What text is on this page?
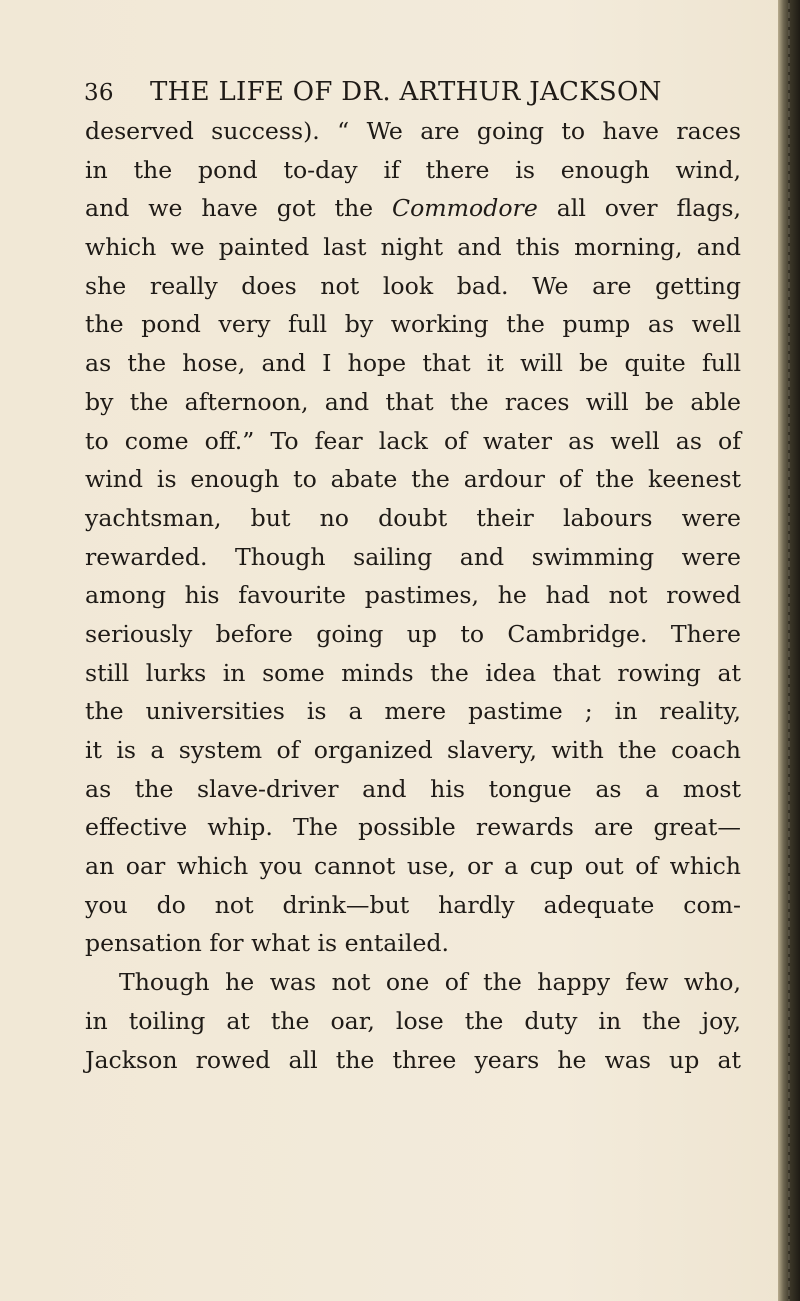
36 THE LIFE OF DR. ARTHUR JACKSON
deserved success). “ We are going to have races
in the pond to-day if there is enough wind,
and we have got the Commodore all over flags,
which we painted last night and this morning, and
she really does not look bad. We are getting
the pond very full by working the pump as well
as the hose, and I hope that it will be quite full
by the afternoon, and that the races will be able
to come off.” To fear lack of water as well as of
wind is enough to abate the ardour of the keenest
yachtsman, but no doubt their labours were
rewarded. Though sailing and swimming were
among his favourite pastimes, he had not rowed
seriously before going up to Cambridge. There
still lurks in some minds the idea that rowing at
the universities is a mere pastime ; in reality,
it is a system of organized slavery, with the coach
as the slave-driver and his tongue as a most
effective whip. The possible rewards are great—
an oar which you cannot use, or a cup out of which
you do not drink—but hardly adequate com-
pensation for what is entailed.
Though he was not one of the happy few who,
in toiling at the oar, lose the duty in the joy,
Jackson rowed all the three years he was up at
